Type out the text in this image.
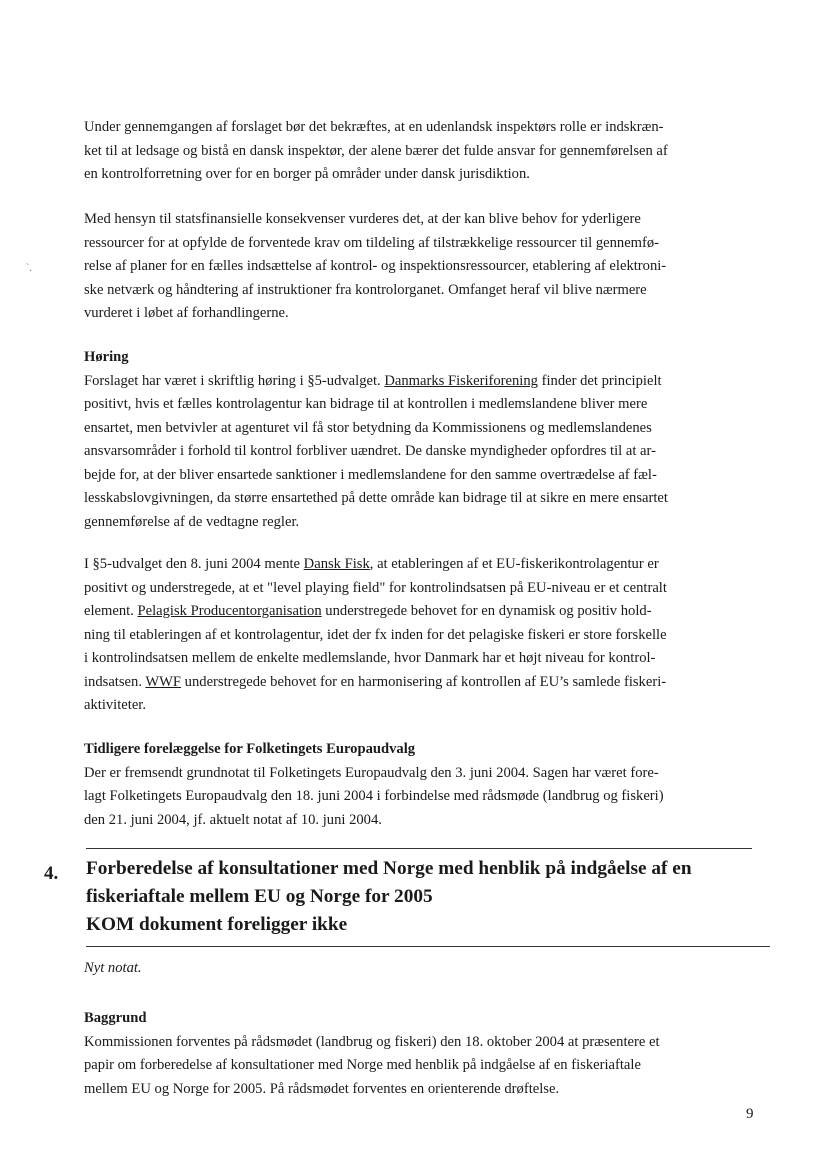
`.
Under gennemgangen af forslaget bør det bekræftes, at en udenlandsk inspektørs rolle er indskræn-
ket til at ledsage og bistå en dansk inspektør, der alene bærer det fulde ansvar for gennemførelsen af
en kontrolforretning over for en borger på områder under dansk jurisdiktion.
Med hensyn til statsfinansielle konsekvenser vurderes det, at der kan blive behov for yderligere
ressourcer for at opfylde de forventede krav om tildeling af tilstrækkelige ressourcer til gennemfø-
relse af planer for en fælles indsættelse af kontrol- og inspektionsressourcer, etablering af elektroni-
ske netværk og håndtering af instruktioner fra kontrolorganet. Omfanget heraf vil blive nærmere
vurderet i løbet af forhandlingerne.
Høring
Forslaget har været i skriftlig høring i §5-udvalget. Danmarks Fiskeriforening finder det principielt
positivt, hvis et fælles kontrolagentur kan bidrage til at kontrollen i medlemslandene bliver mere
ensartet, men betvivler at agenturet vil få stor betydning da Kommissionens og medlemslandenes
ansvarsområder i forhold til kontrol forbliver uændret. De danske myndigheder opfordres til at ar-
bejde for, at der bliver ensartede sanktioner i medlemslandene for den samme overtrædelse af fæl-
lesskabslovgivningen, da større ensartethed på dette område kan bidrage til at sikre en mere ensartet
gennemførelse af de vedtagne regler.
I §5-udvalget den 8. juni 2004 mente Dansk Fisk, at etableringen af et EU-fiskerikontrolagentur er
positivt og understregede, at et "level playing field" for kontrolindsatsen på EU-niveau er et centralt
element. Pelagisk Producentorganisation understregede behovet for en dynamisk og positiv hold-
ning til etableringen af et kontrolagentur, idet der fx inden for det pelagiske fiskeri er store forskelle
i kontrolindsatsen mellem de enkelte medlemslande, hvor Danmark har et højt niveau for kontrol-
indsatsen. WWF understregede behovet for en harmonisering af kontrollen af EU’s samlede fiskeri-
aktiviteter.
Tidligere forelæggelse for Folketingets Europaudvalg
Der er fremsendt grundnotat til Folketingets Europaudvalg den 3. juni 2004. Sagen har været fore-
lagt Folketingets Europaudvalg den 18. juni 2004 i forbindelse med rådsmøde (landbrug og fiskeri)
den 21. juni 2004, jf. aktuelt notat af 10. juni 2004.
4. Forberedelse af konsultationer med Norge med henblik på indgåelse af en
fiskeriaftale mellem EU og Norge for 2005
KOM dokument foreligger ikke
Nyt notat.
Baggrund
Kommissionen forventes på rådsmødet (landbrug og fiskeri) den 18. oktober 2004 at præsentere et
papir om forberedelse af konsultationer med Norge med henblik på indgåelse af en fiskeriaftale
mellem EU og Norge for 2005. På rådsmødet forventes en orienterende drøftelse.
9
